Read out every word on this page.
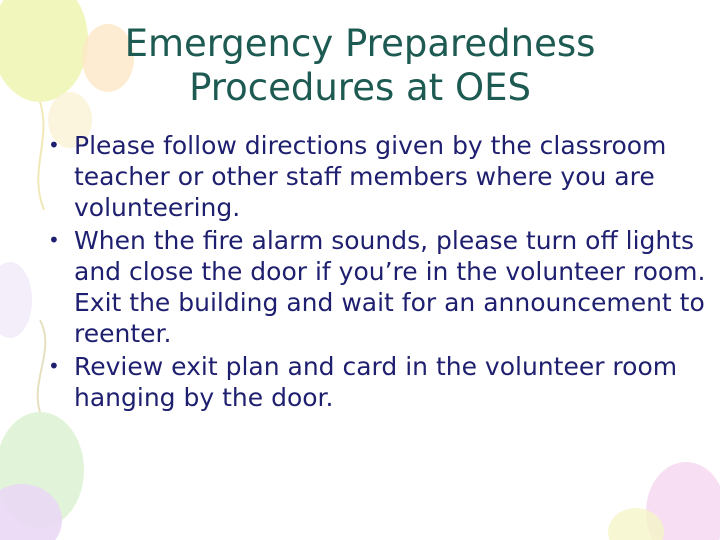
Emergency Preparedness
Procedures at OES
• Please follow directions given by the classroom teacher or other staff members where you are volunteering.
• When the fire alarm sounds, please turn off lights and close the door if you’re in the volunteer room. Exit the building and wait for an announcement to reenter.
• Review exit plan and card in the volunteer room hanging by the door.
